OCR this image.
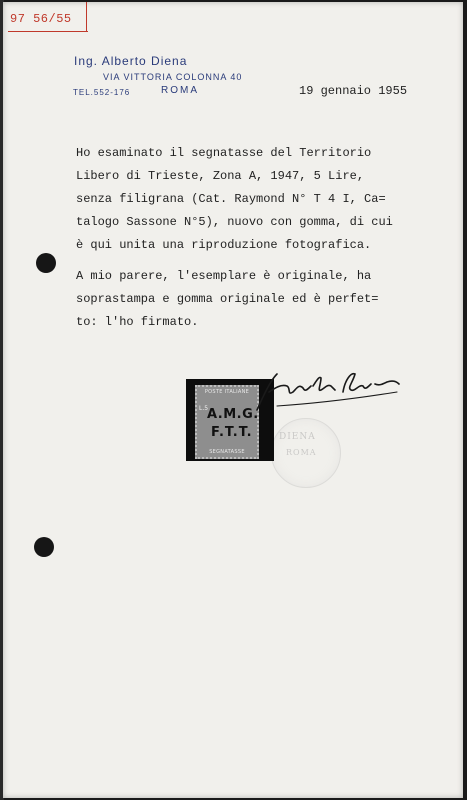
97 56/55
Ing. Alberto Diena
VIA VITTORIA COLONNA 40
TEL.552-176	ROMA	19 gennaio 1955
Ho esaminato il segnatasse del Territorio
Libero di Trieste, Zona A, 1947, 5 Lire,
senza filigrana (Cat. Raymond N° T 4 I, Ca=
talogo Sassone N°5), nuovo con gomma, di cui
è qui unita una riproduzione fotografica.
A mio parere, l'esemplare è originale, ha
soprastampa e gomma originale ed è perfet=
to: l'ho firmato.
DIENA
ROMA
POSTE ITALIANE
L.5
A.M.G.
F.T.T.
SEGNATASSE
